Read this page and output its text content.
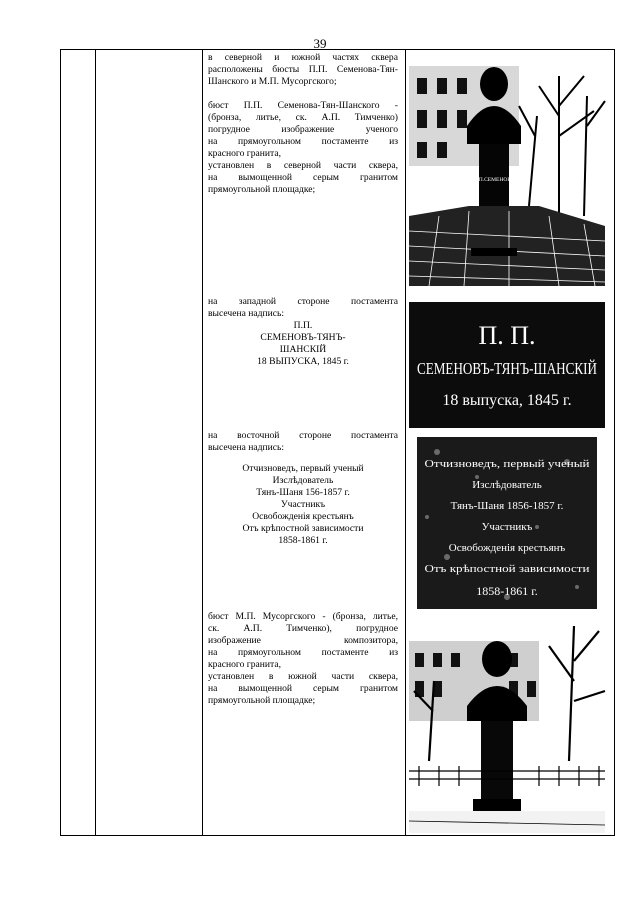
39

в северной и южной частях сквера

расположены бюсты П.П. Семенова-Тян-

Шанского и М.П. Мусоргского;

бюст П.П. Семенова-Тян-Шанского -

(бронза, литье, ск. А.П. Тимченко)

погрудное изображение ученого

на прямоугольном постаменте из

красного гранита,

установлен в северной части сквера,

на вымощенной серым гранитом

прямоугольной площадке;

на западной стороне постамента

высечена надпись:

П.П.

СЕМЕНОВЪ-ТЯНЪ-

ШАНСКІЙ

18 ВЫПУСКА, 1845 г.

на восточной стороне постамента

высечена надпись:

Отчизноведъ, первый ученый

Изслѣдователь

Тянъ-Шаня 156-1857 г.

Участникъ

Освобожденія крестьянъ

Отъ крѣпостной зависимости

1858-1861 г.

бюст М.П. Мусоргского - (бронза, литье,

ск. А.П. Тимченко), погрудное

изображение композитора,

на прямоугольном постаменте из

красного гранита,

установлен в южной части сквера,

на вымощенной серым гранитом

прямоугольной площадке;

П.П.СЕМЕНОВЪ
П. П.
СЕМЕНОВЪ-ТЯНЪ-ШАНСКІЙ
18 выпуска, 1845 г.
Отчизноведъ, первый ученый
Изслѣдователь
Тянъ-Шаня 1856-1857 г.
Участникъ
Освобожденія крестьянъ
Отъ крѣпостной зависимости
1858-1861 г.
